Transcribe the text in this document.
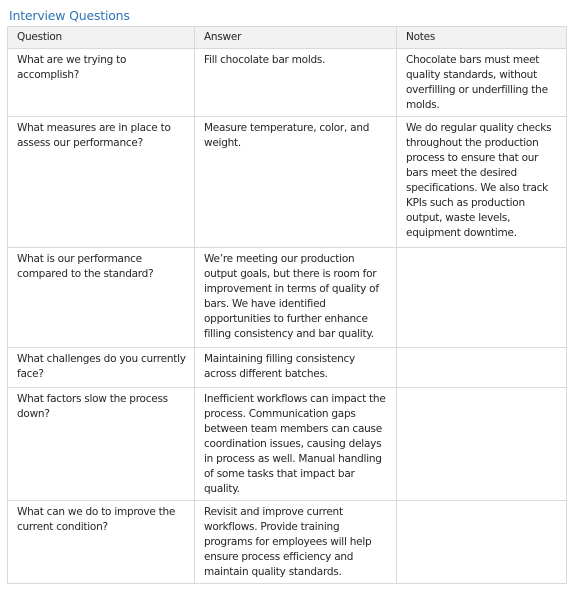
Interview Questions
Question	Answer	Notes
What are we trying to accomplish?	Fill chocolate bar molds.	Chocolate bars must meet quality standards, without overfilling or underfilling the molds.
What measures are in place to assess our performance?	Measure temperature, color, and weight.	We do regular quality checks throughout the production process to ensure that our bars meet the desired specifications. We also track KPIs such as production output, waste levels, equipment downtime.
What is our performance compared to the standard?	We’re meeting our production output goals, but there is room for improvement in terms of quality of bars. We have identified opportunities to further enhance filling consistency and bar quality.	
What challenges do you currently face?	Maintaining filling consistency across different batches.	
What factors slow the process down?	Inefficient workflows can impact the process. Communication gaps between team members can cause coordination issues, causing delays in process as well. Manual handling of some tasks that impact bar quality.	
What can we do to improve the current condition?	Revisit and improve current workflows. Provide training programs for employees will help ensure process efficiency and maintain quality standards.	
